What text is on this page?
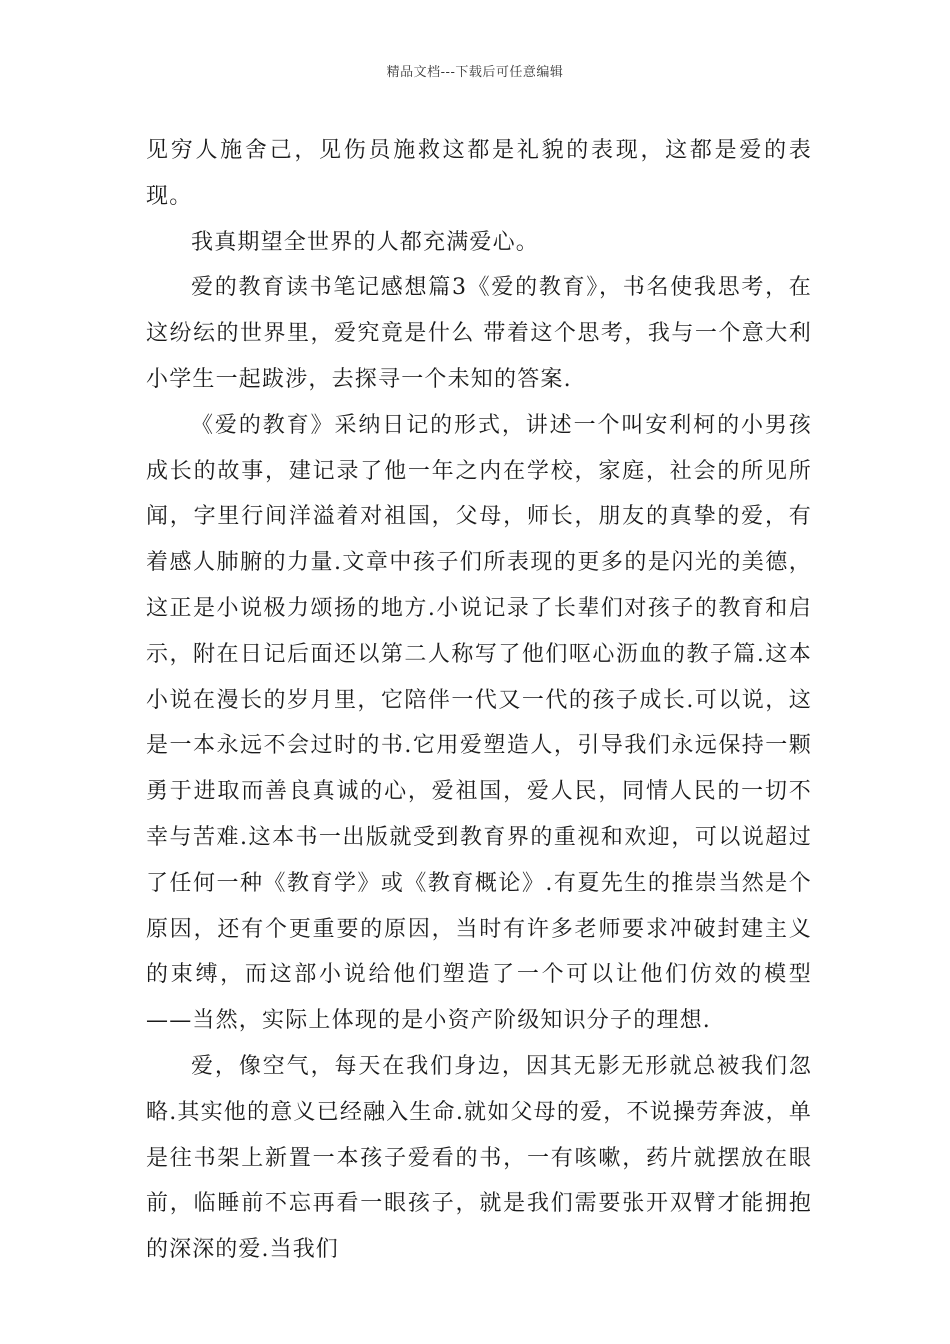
精品文档---下载后可任意编辑

见穷人施舍己，见伤员施救这都是礼貌的表现，这都是爱的表现。

我真期望全世界的人都充满爱心。

爱的教育读书笔记感想篇3《爱的教育》，书名使我思考，在这纷纭的世界里，爱究竟是什么 带着这个思考，我与一个意大利小学生一起跋涉，去探寻一个未知的答案.

《爱的教育》采纳日记的形式，讲述一个叫安利柯的小男孩成长的故事，建记录了他一年之内在学校，家庭，社会的所见所闻，字里行间洋溢着对祖国，父母，师长，朋友的真挚的爱，有着感人肺腑的力量.文章中孩子们所表现的更多的是闪光的美德，这正是小说极力颂扬的地方.小说记录了长辈们对孩子的教育和启示，附在日记后面还以第二人称写了他们呕心沥血的教子篇.这本小说在漫长的岁月里，它陪伴一代又一代的孩子成长.可以说，这是一本永远不会过时的书.它用爱塑造人，引导我们永远保持一颗勇于进取而善良真诚的心，爱祖国，爱人民，同情人民的一切不幸与苦难.这本书一出版就受到教育界的重视和欢迎，可以说超过了任何一种《教育学》或《教育概论》.有夏先生的推崇当然是个原因，还有个更重要的原因，当时有许多老师要求冲破封建主义的束缚，而这部小说给他们塑造了一个可以让他们仿效的模型——当然，实际上体现的是小资产阶级知识分子的理想.

爱，像空气，每天在我们身边，因其无影无形就总被我们忽略.其实他的意义已经融入生命.就如父母的爱，不说操劳奔波，单是往书架上新置一本孩子爱看的书，一有咳嗽，药片就摆放在眼前，临睡前不忘再看一眼孩子，就是我们需要张开双臂才能拥抱的深深的爱.当我们
